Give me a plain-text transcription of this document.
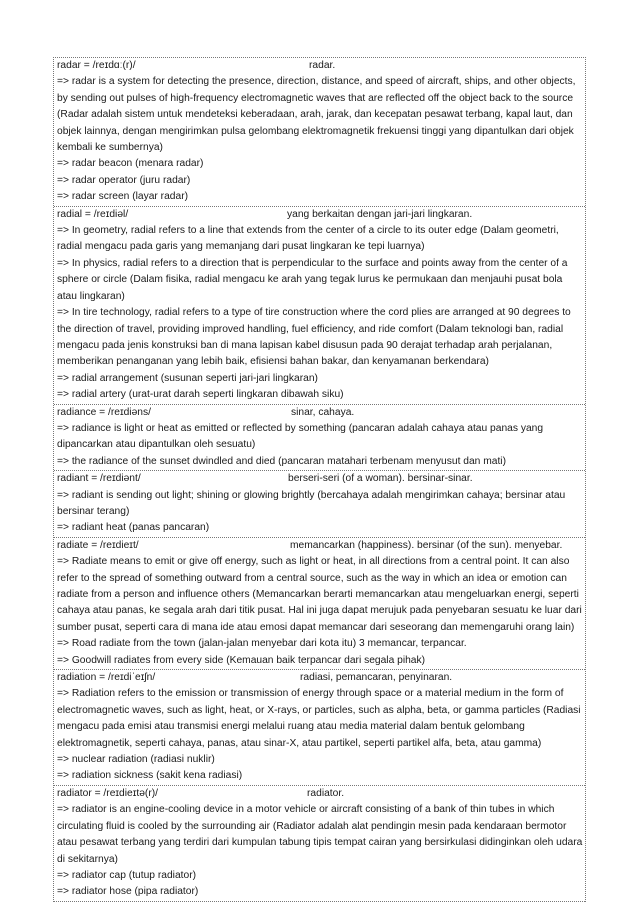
radar = /reɪdɑː(r)/	radar.
=> radar is a system for detecting the presence, direction, distance, and speed of aircraft, ships, and other objects, by sending out pulses of high-frequency electromagnetic waves that are reflected off the object back to the source (Radar adalah sistem untuk mendeteksi keberadaan, arah, jarak, dan kecepatan pesawat terbang, kapal laut, dan objek lainnya, dengan mengirimkan pulsa gelombang elektromagnetik frekuensi tinggi yang dipantulkan dari objek kembali ke sumbernya)
=> radar beacon (menara radar)
=> radar operator (juru radar)
=> radar screen (layar radar)
radial = /reɪdiəl/	yang berkaitan dengan jari-jari lingkaran.
=> In geometry, radial refers to a line that extends from the center of a circle to its outer edge (Dalam geometri, radial mengacu pada garis yang memanjang dari pusat lingkaran ke tepi luarnya)
=> In physics, radial refers to a direction that is perpendicular to the surface and points away from the center of a sphere or circle (Dalam fisika, radial mengacu ke arah yang tegak lurus ke permukaan dan menjauhi pusat bola atau lingkaran)
=> In tire technology, radial refers to a type of tire construction where the cord plies are arranged at 90 degrees to the direction of travel, providing improved handling, fuel efficiency, and ride comfort (Dalam teknologi ban, radial mengacu pada jenis konstruksi ban di mana lapisan kabel disusun pada 90 derajat terhadap arah perjalanan, memberikan penanganan yang lebih baik, efisiensi bahan bakar, dan kenyamanan berkendara)
=> radial arrangement (susunan seperti jari-jari lingkaran)
=> radial artery (urat-urat darah seperti lingkaran dibawah siku)
radiance = /reɪdiəns/	sinar, cahaya.
=> radiance is light or heat as emitted or reflected by something (pancaran adalah cahaya atau panas yang dipancarkan atau dipantulkan oleh sesuatu)
=> the radiance of the sunset dwindled and died (pancaran matahari terbenam menyusut dan mati)
radiant = /reɪdiənt/	berseri-seri (of a woman). bersinar-sinar.
=> radiant is sending out light; shining or glowing brightly (bercahaya adalah mengirimkan cahaya; bersinar atau bersinar terang)
=> radiant heat (panas pancaran)
radiate = /reɪdieɪt/	memancarkan (happiness). bersinar (of the sun). menyebar.
=> Radiate means to emit or give off energy, such as light or heat, in all directions from a central point. It can also refer to the spread of something outward from a central source, such as the way in which an idea or emotion can radiate from a person and influence others (Memancarkan berarti memancarkan atau mengeluarkan energi, seperti cahaya atau panas, ke segala arah dari titik pusat. Hal ini juga dapat merujuk pada penyebaran sesuatu ke luar dari sumber pusat, seperti cara di mana ide atau emosi dapat memancar dari seseorang dan memengaruhi orang lain)
=> Road radiate from the town (jalan-jalan menyebar dari kota itu) 3 memancar, terpancar.
=> Goodwill radiates from every side (Kemauan baik terpancar dari segala pihak)
radiation = /reɪdiˈeɪʃn/	radiasi, pemancaran, penyinaran.
=> Radiation refers to the emission or transmission of energy through space or a material medium in the form of electromagnetic waves, such as light, heat, or X-rays, or particles, such as alpha, beta, or gamma particles (Radiasi mengacu pada emisi atau transmisi energi melalui ruang atau media material dalam bentuk gelombang elektromagnetik, seperti cahaya, panas, atau sinar-X, atau partikel, seperti partikel alfa, beta, atau gamma)
=> nuclear radiation (radiasi nuklir)
=> radiation sickness (sakit kena radiasi)
radiator = /reɪdieɪtə(r)/	radiator.
=> radiator is an engine-cooling device in a motor vehicle or aircraft consisting of a bank of thin tubes in which circulating fluid is cooled by the surrounding air (Radiator adalah alat pendingin mesin pada kendaraan bermotor atau pesawat terbang yang terdiri dari kumpulan tabung tipis tempat cairan yang bersirkulasi didinginkan oleh udara di sekitarnya)
=> radiator cap (tutup radiator)
=> radiator hose (pipa radiator)
